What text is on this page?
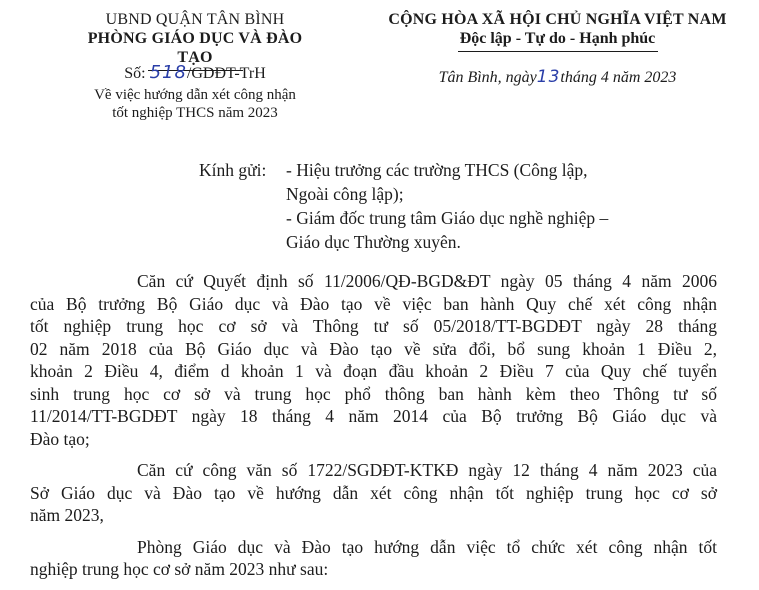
UBND QUẬN TÂN BÌNH
PHÒNG GIÁO DỤC VÀ ĐÀO TẠO
CỘNG HÒA XÃ HỘI CHỦ NGHĨA VIỆT NAM
Độc lập - Tự do - Hạnh phúc
Số: 518/GDĐT-TrH
Về việc hướng dẫn xét công nhận
tốt nghiệp THCS năm 2023
Tân Bình, ngày13tháng 4 năm 2023
Kính gửi: - Hiệu trưởng các trường THCS (Công lập,
Ngoài công lập);
- Giám đốc trung tâm Giáo dục nghề nghiệp –
Giáo dục Thường xuyên.
Căn cứ Quyết định số 11/2006/QĐ-BGD&ĐT ngày 05 tháng 4 năm 2006
của Bộ trưởng Bộ Giáo dục và Đào tạo về việc ban hành Quy chế xét công nhận
tốt nghiệp trung học cơ sở và Thông tư số 05/2018/TT-BGDĐT ngày 28 tháng
02 năm 2018 của Bộ Giáo dục và Đào tạo về sửa đổi, bổ sung khoản 1 Điều 2,
khoản 2 Điều 4, điểm d khoản 1 và đoạn đầu khoản 2 Điều 7 của Quy chế tuyển
sinh trung học cơ sở và trung học phổ thông ban hành kèm theo Thông tư số
11/2014/TT-BGDĐT ngày 18 tháng 4 năm 2014 của Bộ trưởng Bộ Giáo dục và
Đào tạo;
Căn cứ công văn số 1722/SGDĐT-KTKĐ ngày 12 tháng 4 năm 2023 của
Sở Giáo dục và Đào tạo về hướng dẫn xét công nhận tốt nghiệp trung học cơ sở
năm 2023,
Phòng Giáo dục và Đào tạo hướng dẫn việc tổ chức xét công nhận tốt
nghiệp trung học cơ sở năm 2023 như sau:
